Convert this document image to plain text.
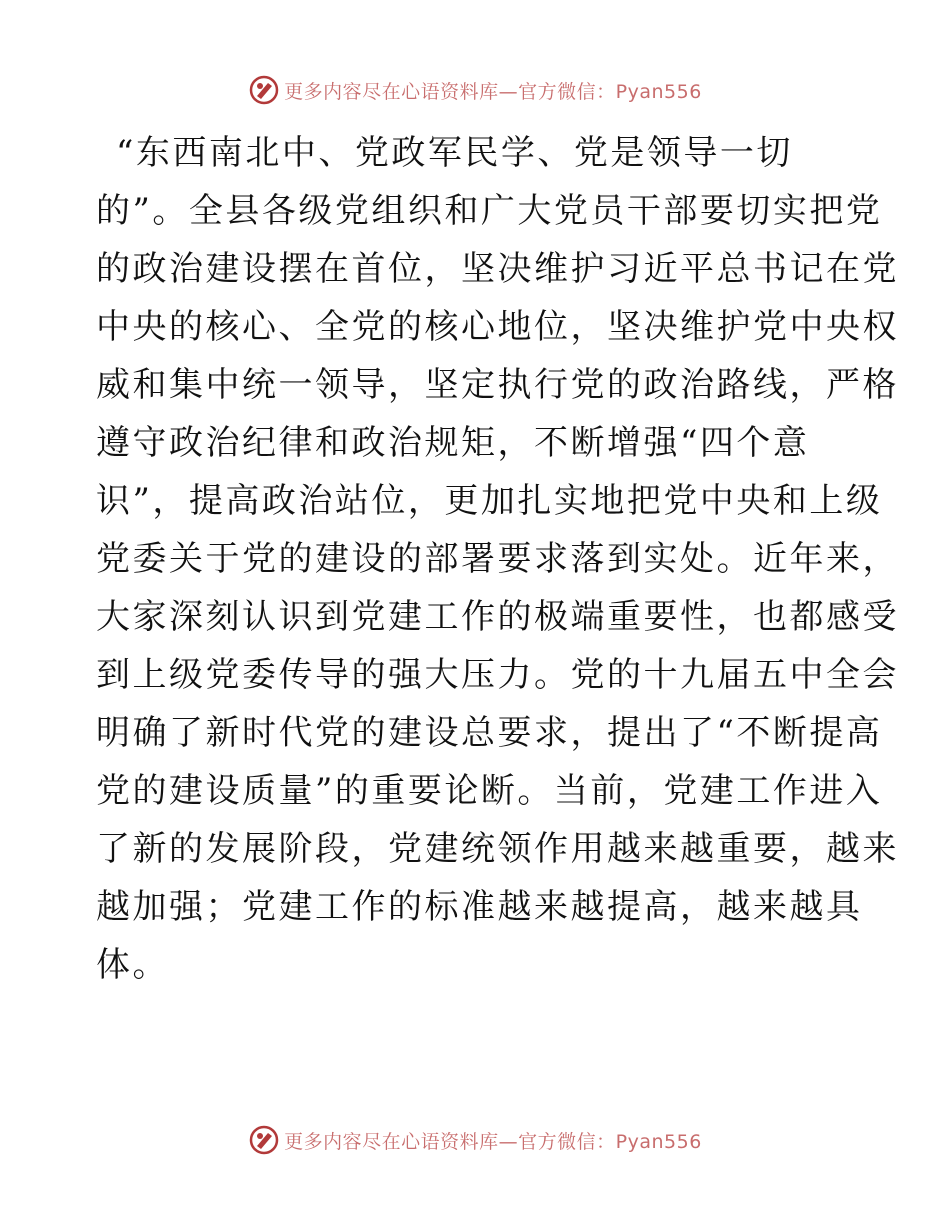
更多内容尽在心语资料库—官方微信：Pyan556
“东西南北中、党政军民学、党是领导一切
的”。全县各级党组织和广大党员干部要切实把党
的政治建设摆在首位，坚决维护习近平总书记在党
中央的核心、全党的核心地位，坚决维护党中央权
威和集中统一领导，坚定执行党的政治路线，严格
遵守政治纪律和政治规矩，不断增强“四个意
识”，提高政治站位，更加扎实地把党中央和上级
党委关于党的建设的部署要求落到实处。近年来，
大家深刻认识到党建工作的极端重要性，也都感受
到上级党委传导的强大压力。党的十九届五中全会
明确了新时代党的建设总要求，提出了“不断提高
党的建设质量”的重要论断。当前，党建工作进入
了新的发展阶段，党建统领作用越来越重要，越来
越加强；党建工作的标准越来越提高，越来越具
体。
更多内容尽在心语资料库—官方微信：Pyan556
